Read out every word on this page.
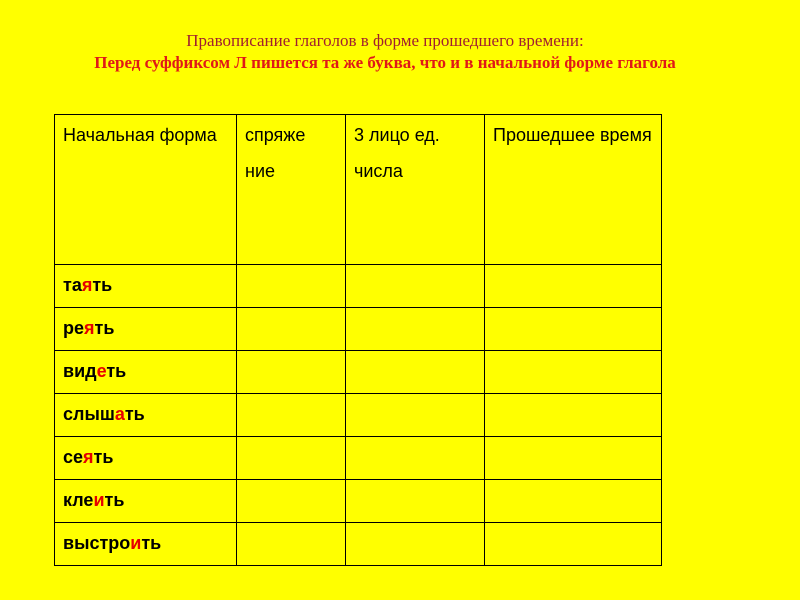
Правописание глаголов в форме прошедшего времени:
Перед суффиксом Л пишется та же буква, что и в начальной форме глагола
Начальная форма	спряже ние	3 лицо ед. числа	Прошедшее время
таять			
реять			
видеть			
слышать			
сеять			
клеить			
выстроить			
